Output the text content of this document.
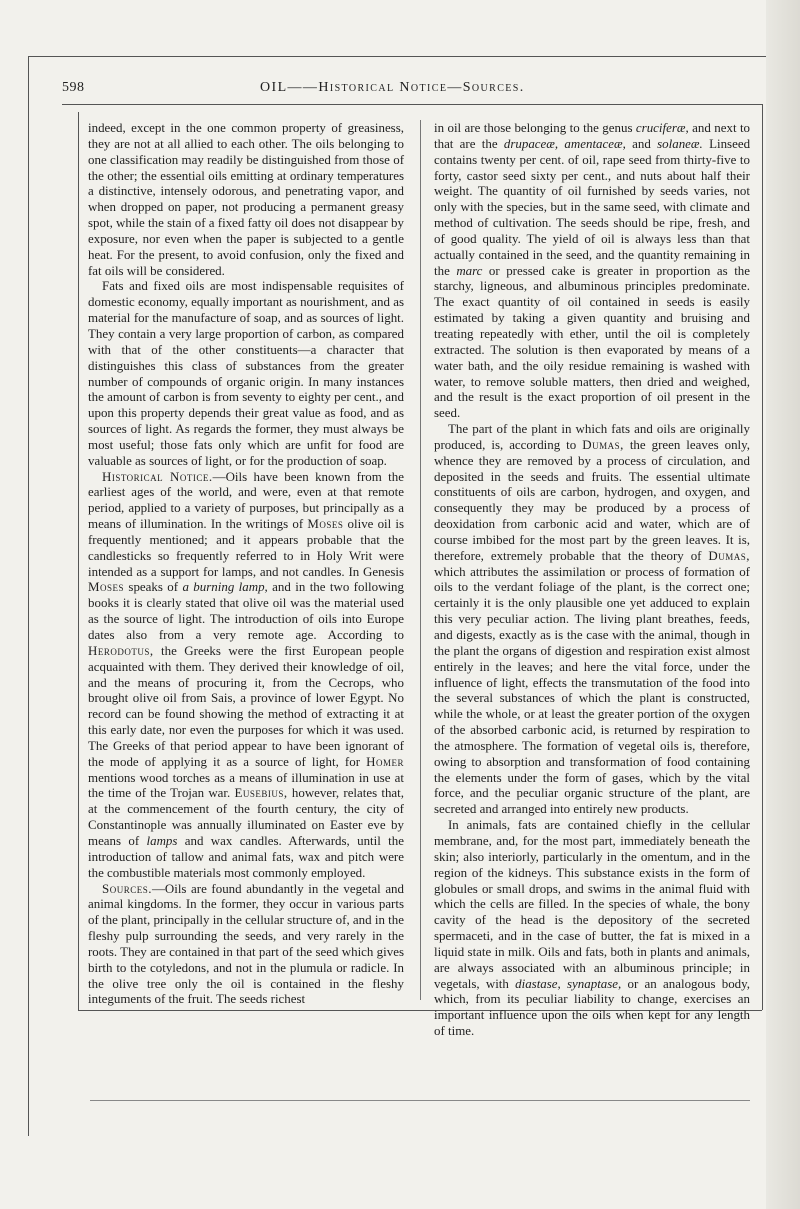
598	OIL——Historical Notice—Sources.

indeed, except in the one common property of greasiness, they are not at all allied to each other. The oils belonging to one classification may readily be distinguished from those of the other; the essential oils emitting at ordinary temperatures a distinctive, intensely odorous, and penetrating vapor, and when dropped on paper, not producing a permanent greasy spot, while the stain of a fixed fatty oil does not disappear by exposure, nor even when the paper is subjected to a gentle heat. For the present, to avoid confusion, only the fixed and fat oils will be considered.

Fats and fixed oils are most indispensable requisites of domestic economy, equally important as nourishment, and as material for the manufacture of soap, and as sources of light. They contain a very large proportion of carbon, as compared with that of the other constituents—a character that distinguishes this class of substances from the greater number of compounds of organic origin. In many instances the amount of carbon is from seventy to eighty per cent., and upon this property depends their great value as food, and as sources of light. As regards the former, they must always be most useful; those fats only which are unfit for food are valuable as sources of light, or for the production of soap.

Historical Notice.—Oils have been known from the earliest ages of the world, and were, even at that remote period, applied to a variety of purposes, but principally as a means of illumination. In the writings of Moses olive oil is frequently mentioned; and it appears probable that the candlesticks so frequently referred to in Holy Writ were intended as a support for lamps, and not candles. In Genesis Moses speaks of a burning lamp, and in the two following books it is clearly stated that olive oil was the material used as the source of light. The introduction of oils into Europe dates also from a very remote age. According to Herodotus, the Greeks were the first European people acquainted with them. They derived their knowledge of oil, and the means of procuring it, from the Cecrops, who brought olive oil from Sais, a province of lower Egypt. No record can be found showing the method of extracting it at this early date, nor even the purposes for which it was used. The Greeks of that period appear to have been ignorant of the mode of applying it as a source of light, for Homer mentions wood torches as a means of illumination in use at the time of the Trojan war. Eusebius, however, relates that, at the commencement of the fourth century, the city of Constantinople was annually illuminated on Easter eve by means of lamps and wax candles. Afterwards, until the introduction of tallow and animal fats, wax and pitch were the combustible materials most commonly employed.

Sources.—Oils are found abundantly in the vegetal and animal kingdoms. In the former, they occur in various parts of the plant, principally in the cellular structure of, and in the fleshy pulp surrounding the seeds, and very rarely in the roots. They are contained in that part of the seed which gives birth to the cotyledons, and not in the plumula or radicle. In the olive tree only the oil is contained in the fleshy integuments of the fruit. The seeds richest

in oil are those belonging to the genus cruciferæ, and next to that are the drupaceæ, amentaceæ, and solaneæ. Linseed contains twenty per cent. of oil, rape seed from thirty-five to forty, castor seed sixty per cent., and nuts about half their weight. The quantity of oil furnished by seeds varies, not only with the species, but in the same seed, with climate and method of cultivation. The seeds should be ripe, fresh, and of good quality. The yield of oil is always less than that actually contained in the seed, and the quantity remaining in the marc or pressed cake is greater in proportion as the starchy, ligneous, and albuminous principles predominate. The exact quantity of oil contained in seeds is easily estimated by taking a given quantity and bruising and treating repeatedly with ether, until the oil is completely extracted. The solution is then evaporated by means of a water bath, and the oily residue remaining is washed with water, to remove soluble matters, then dried and weighed, and the result is the exact proportion of oil present in the seed.

The part of the plant in which fats and oils are originally produced, is, according to Dumas, the green leaves only, whence they are removed by a process of circulation, and deposited in the seeds and fruits. The essential ultimate constituents of oils are carbon, hydrogen, and oxygen, and consequently they may be produced by a process of deoxidation from carbonic acid and water, which are of course imbibed for the most part by the green leaves. It is, therefore, extremely probable that the theory of Dumas, which attributes the assimilation or process of formation of oils to the verdant foliage of the plant, is the correct one; certainly it is the only plausible one yet adduced to explain this very peculiar action. The living plant breathes, feeds, and digests, exactly as is the case with the animal, though in the plant the organs of digestion and respiration exist almost entirely in the leaves; and here the vital force, under the influence of light, effects the transmutation of the food into the several substances of which the plant is constructed, while the whole, or at least the greater portion of the oxygen of the absorbed carbonic acid, is returned by respiration to the atmosphere. The formation of vegetal oils is, therefore, owing to absorption and transformation of food containing the elements under the form of gases, which by the vital force, and the peculiar organic structure of the plant, are secreted and arranged into entirely new products.

In animals, fats are contained chiefly in the cellular membrane, and, for the most part, immediately beneath the skin; also interiorly, particularly in the omentum, and in the region of the kidneys. This substance exists in the form of globules or small drops, and swims in the animal fluid with which the cells are filled. In the species of whale, the bony cavity of the head is the depository of the secreted spermaceti, and in the case of butter, the fat is mixed in a liquid state in milk. Oils and fats, both in plants and animals, are always associated with an albuminous principle; in vegetals, with diastase, synaptase, or an analogous body, which, from its peculiar liability to change, exercises an important influence upon the oils when kept for any length of time.
